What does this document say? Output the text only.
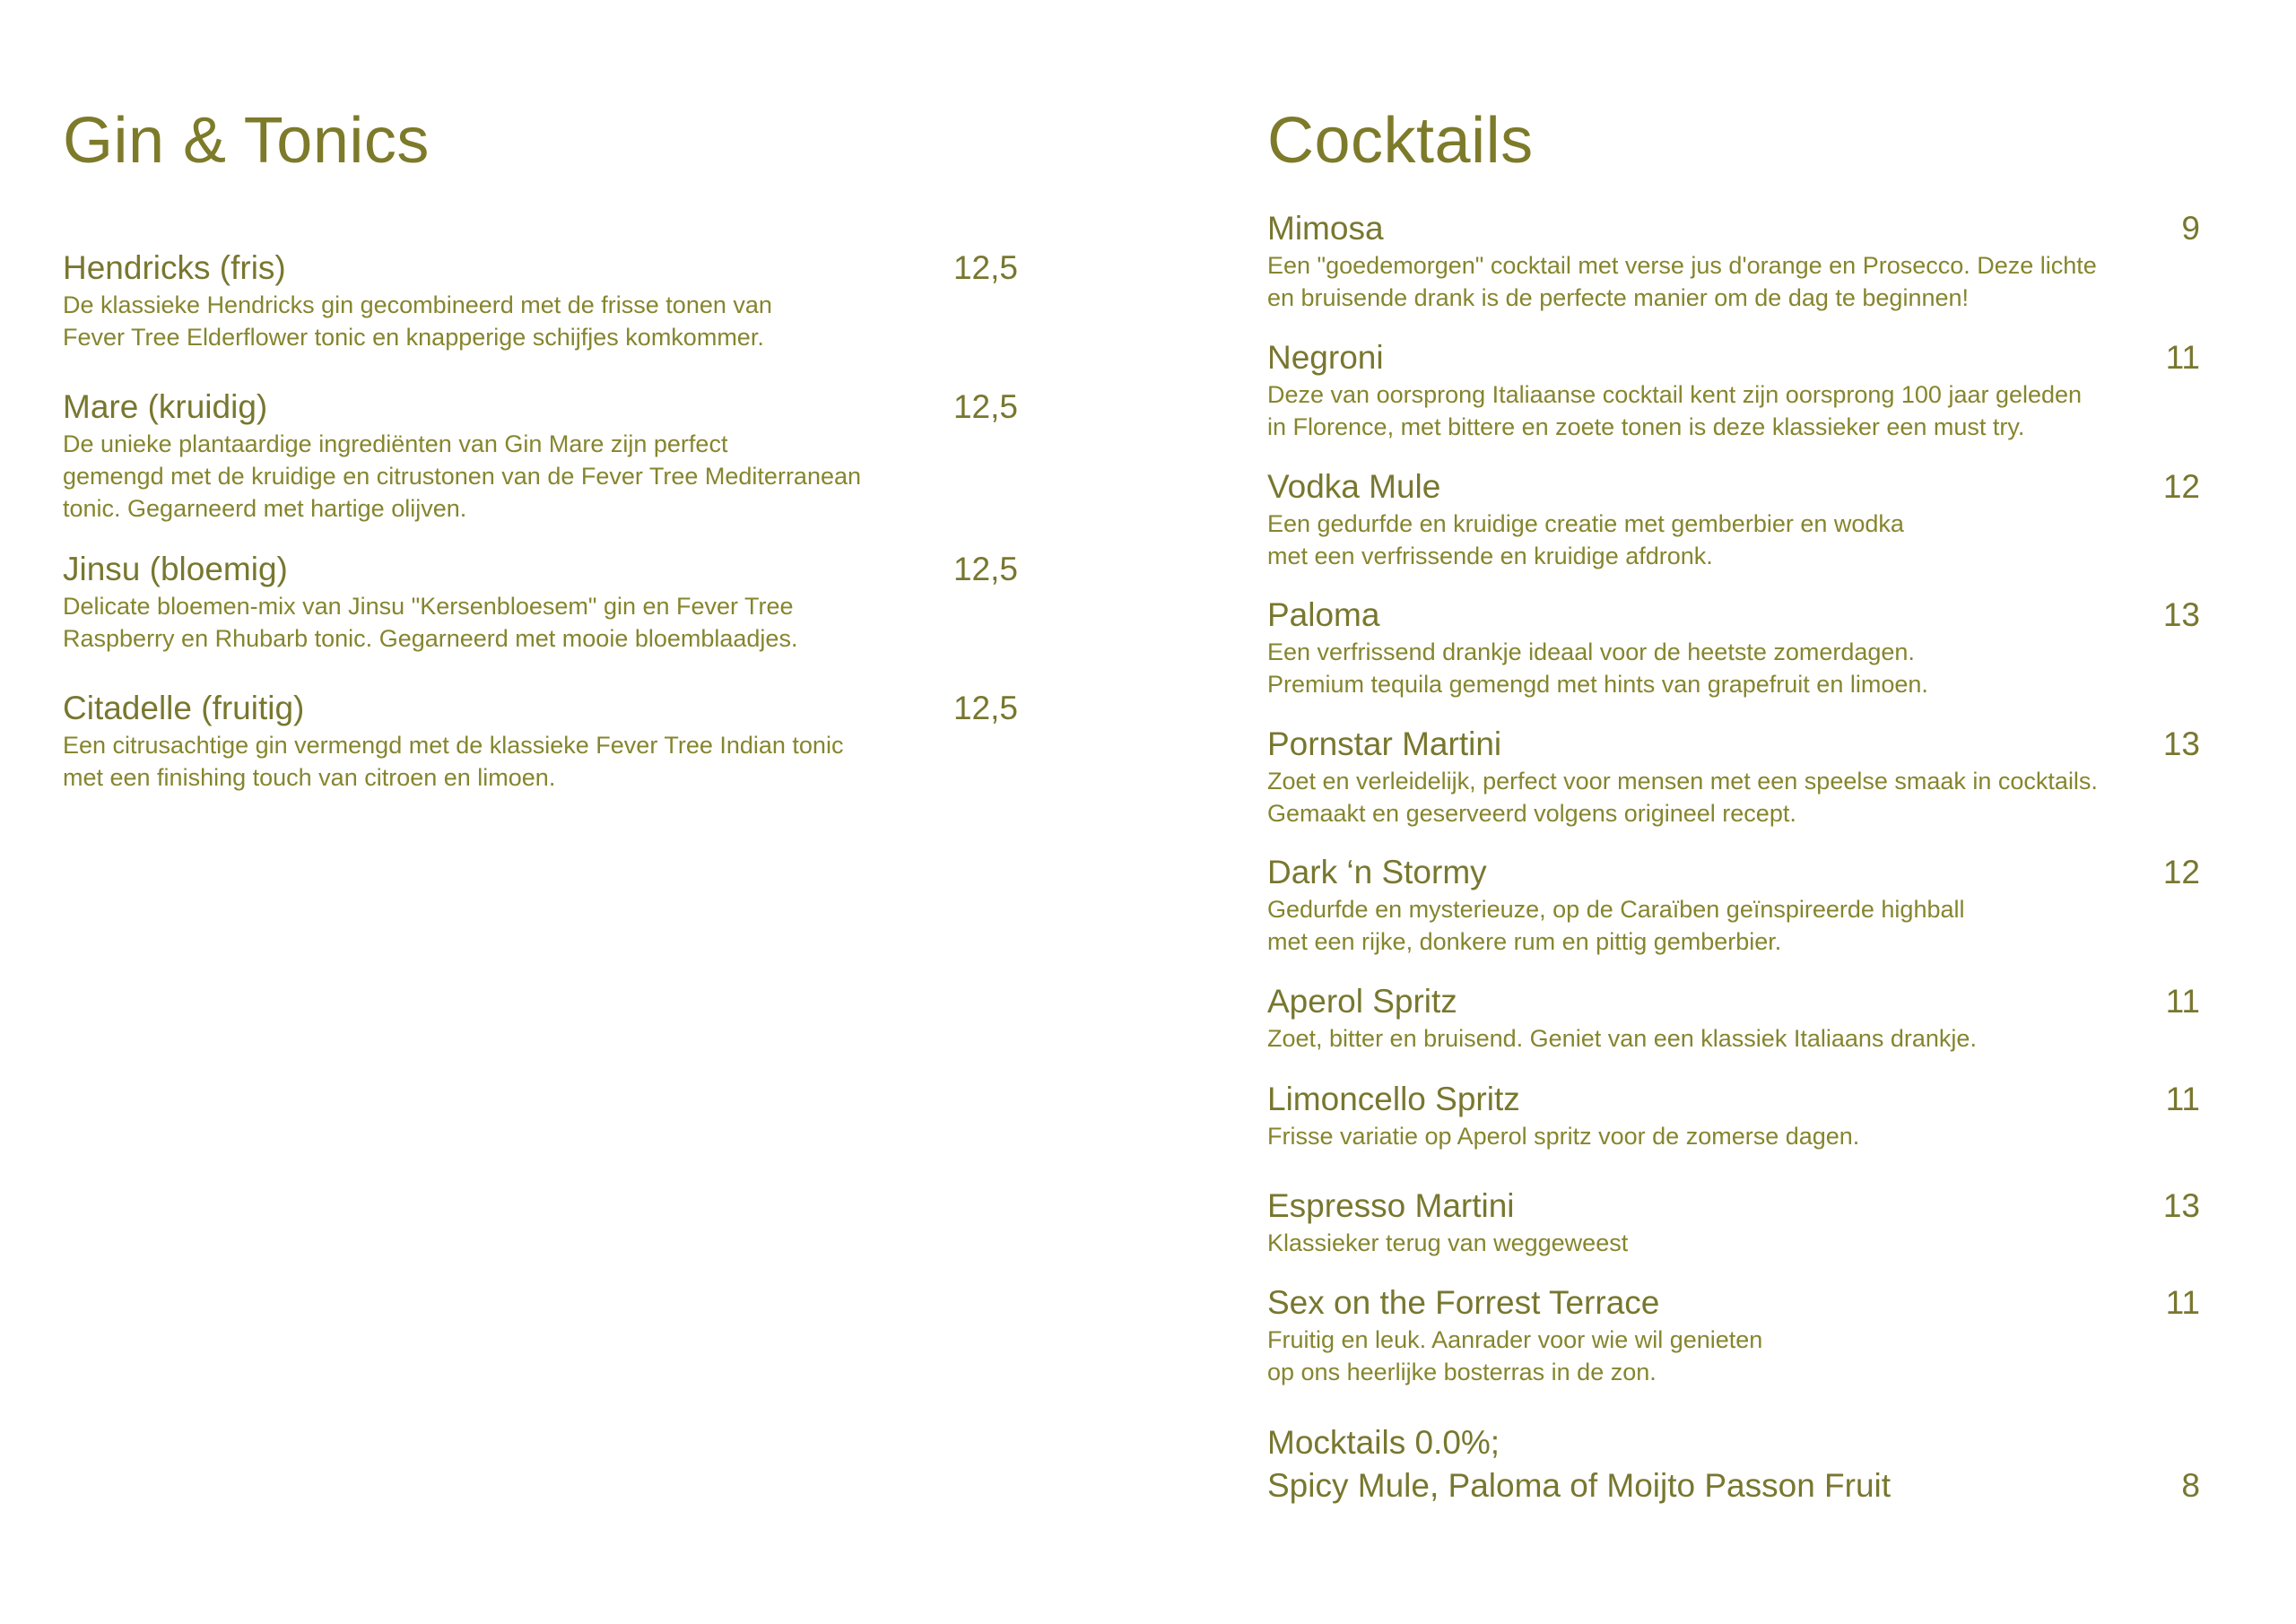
Gin & Tonics
Hendricks (fris)	12,5
De klassieke Hendricks gin gecombineerd met de frisse tonen van
Fever Tree Elderflower tonic en knapperige schijfjes komkommer.
Mare (kruidig)	12,5
De unieke plantaardige ingrediënten van Gin Mare zijn perfect
gemengd met de kruidige en citrustonen van de Fever Tree Mediterranean
tonic. Gegarneerd met hartige olijven.
Jinsu (bloemig)	12,5
Delicate bloemen-mix van Jinsu "Kersenbloesem" gin en Fever Tree
Raspberry en Rhubarb tonic. Gegarneerd met mooie bloemblaadjes.
Citadelle (fruitig)	12,5
Een citrusachtige gin vermengd met de klassieke Fever Tree Indian tonic
met een finishing touch van citroen en limoen.
Cocktails
Mimosa	9
Een "goedemorgen" cocktail met verse jus d'orange en Prosecco. Deze lichte
en bruisende drank is de perfecte manier om de dag te beginnen!
Negroni	11
Deze van oorsprong Italiaanse cocktail kent zijn oorsprong 100 jaar geleden
in Florence, met bittere en zoete tonen is deze klassieker een must try.
Vodka Mule	12
Een gedurfde en kruidige creatie met gemberbier en wodka
met een verfrissende en kruidige afdronk.
Paloma	13
Een verfrissend drankje ideaal voor de heetste zomerdagen.
Premium tequila gemengd met hints van grapefruit en limoen.
Pornstar Martini	13
Zoet en verleidelijk, perfect voor mensen met een speelse smaak in cocktails.
Gemaakt en geserveerd volgens origineel recept.
Dark ‘n Stormy	12
Gedurfde en mysterieuze, op de Caraïben geïnspireerde highball
met een rijke, donkere rum en pittig gemberbier.
Aperol Spritz	11
Zoet, bitter en bruisend. Geniet van een klassiek Italiaans drankje.
Limoncello Spritz	11
Frisse variatie op Aperol spritz voor de zomerse dagen.
Espresso Martini	13
Klassieker terug van weggeweest
Sex on the Forrest Terrace	11
Fruitig en leuk. Aanrader voor wie wil genieten
op ons heerlijke bosterras in de zon.
Mocktails 0.0%;
Spicy Mule, Paloma of Moijto Passon Fruit	8
